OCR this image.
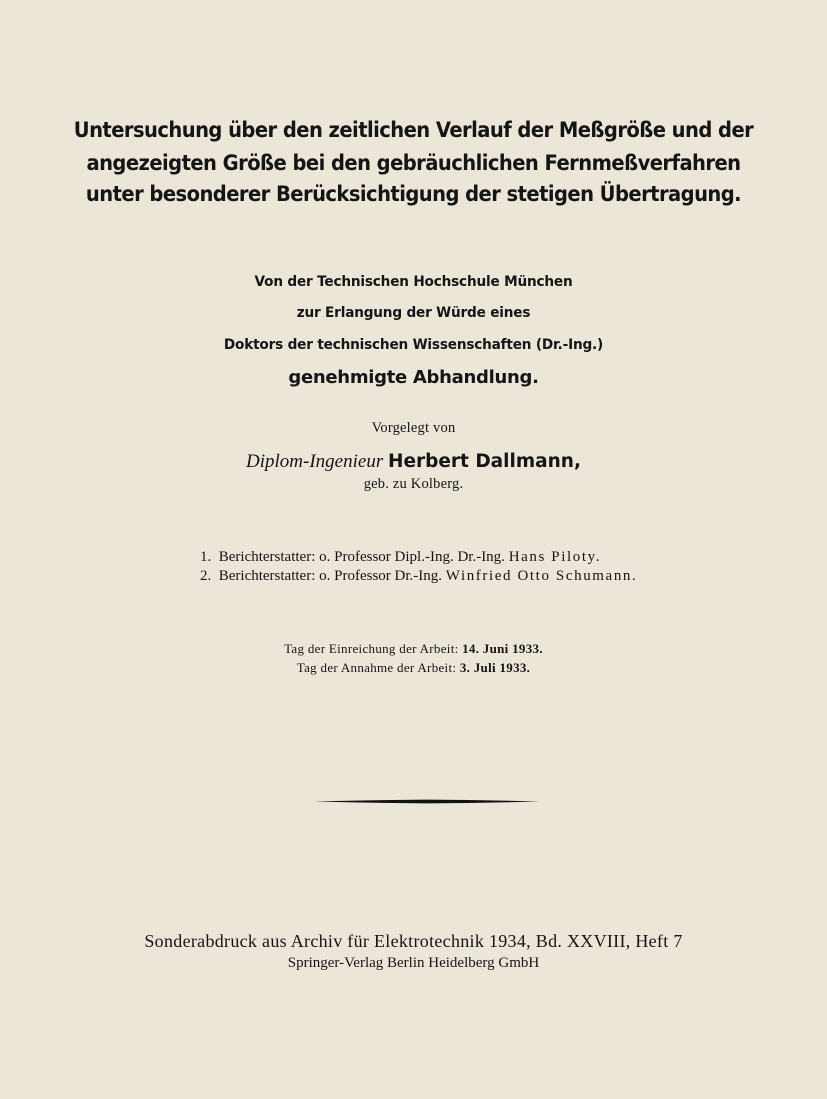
Untersuchung über den zeitlichen Verlauf der Meßgröße und der
angezeigten Größe bei den gebräuchlichen Fernmeßverfahren
unter besonderer Berücksichtigung der stetigen Übertragung.
Von der Technischen Hochschule München
zur Erlangung der Würde eines
Doktors der technischen Wissenschaften (Dr.-Ing.)
genehmigte Abhandlung.
Vorgelegt von
Diplom-Ingenieur Herbert Dallmann,
geb. zu Kolberg.
1. Berichterstatter: o. Professor Dipl.-Ing. Dr.-Ing. Hans Piloty.
2. Berichterstatter: o. Professor Dr.-Ing. Winfried Otto Schumann.
Tag der Einreichung der Arbeit: 14. Juni 1933.
Tag der Annahme der Arbeit: 3. Juli 1933.
Sonderabdruck aus Archiv für Elektrotechnik 1934, Bd. XXVIII, Heft 7
Springer-Verlag Berlin Heidelberg GmbH
